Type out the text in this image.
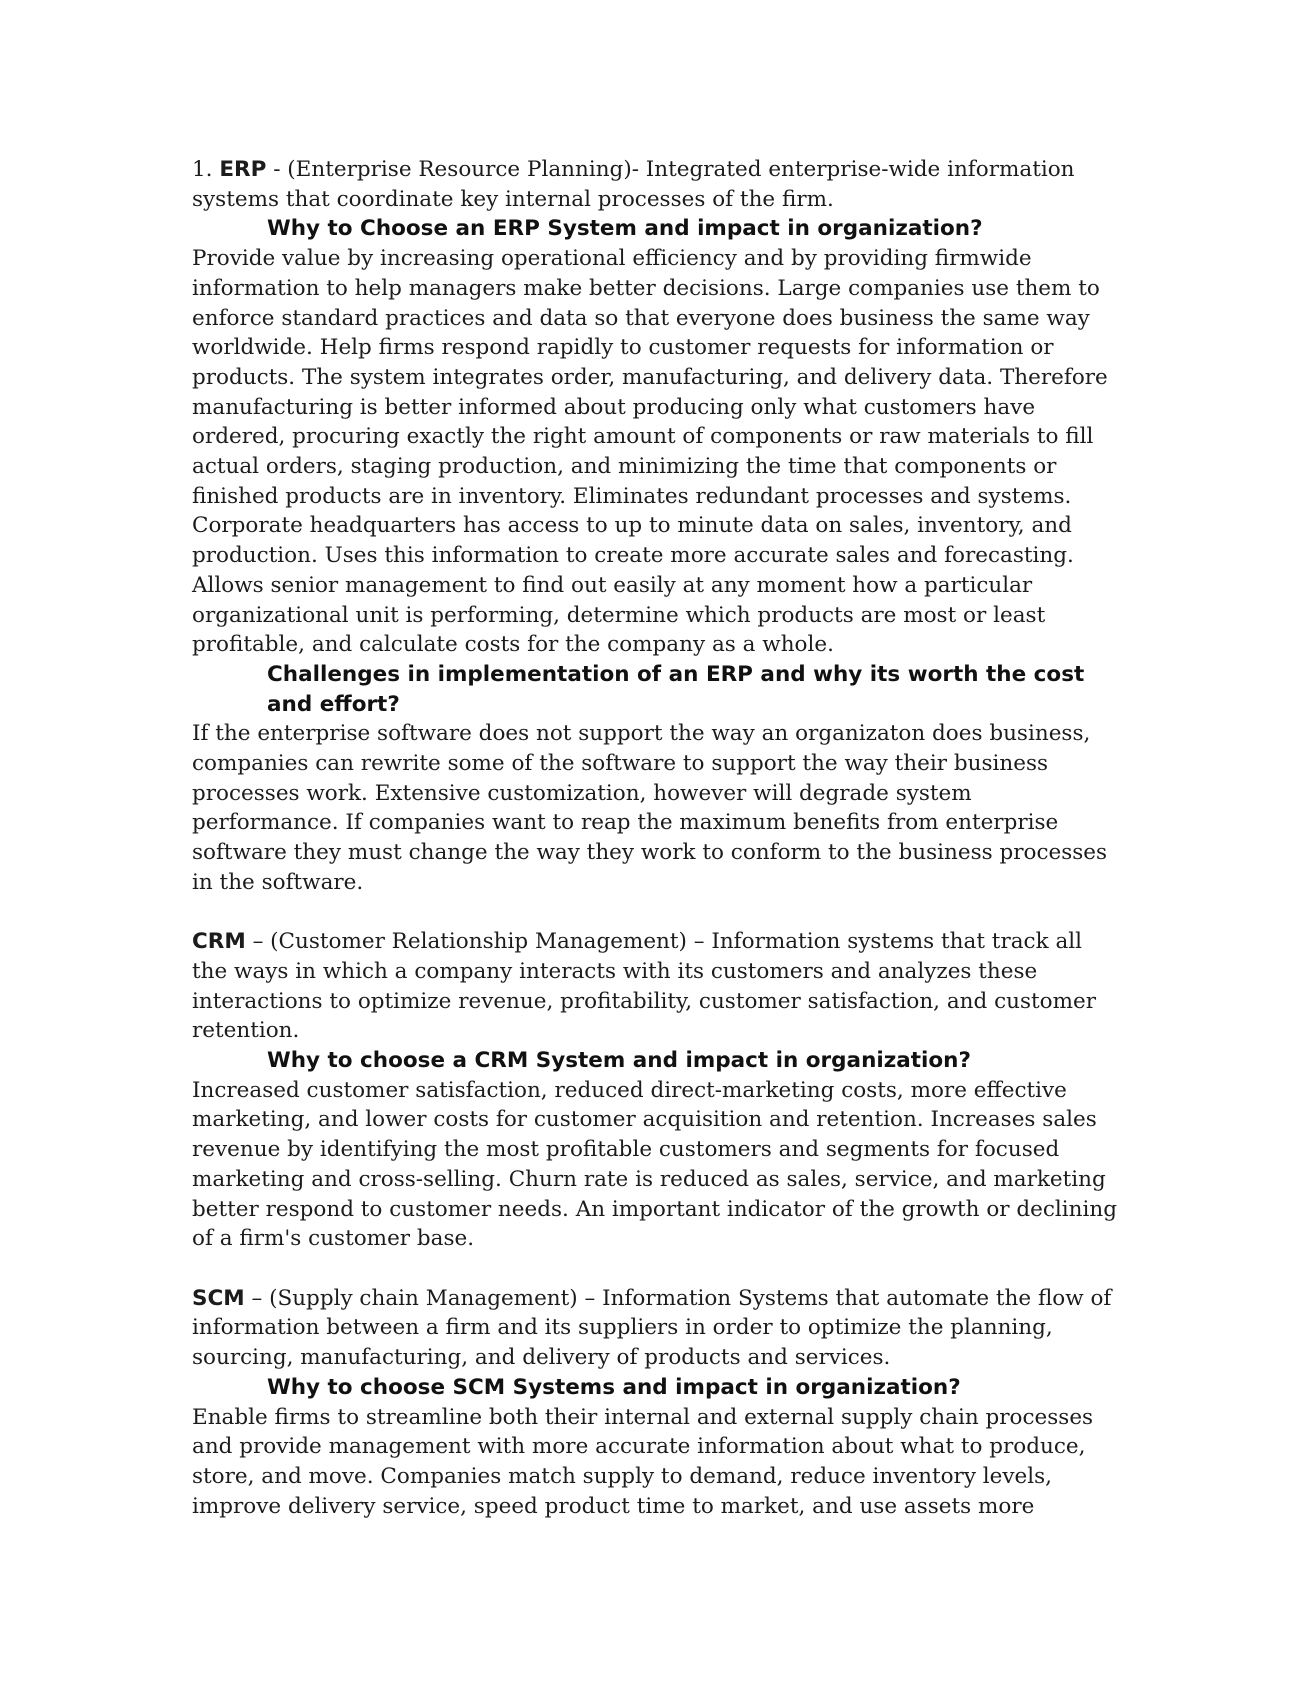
1. ERP - (Enterprise Resource Planning)- Integrated enterprise-wide information systems that coordinate key internal processes of the firm.

Why to Choose an ERP System and impact in organization?

Provide value by increasing operational efficiency and by providing firmwide information to help managers make better decisions. Large companies use them to enforce standard practices and data so that everyone does business the same way worldwide. Help firms respond rapidly to customer requests for information or products. The system integrates order, manufacturing, and delivery data. Therefore manufacturing is better informed about producing only what customers have ordered, procuring exactly the right amount of components or raw materials to fill actual orders, staging production, and minimizing the time that components or finished products are in inventory. Eliminates redundant processes and systems. Corporate headquarters has access to up to minute data on sales, inventory, and production. Uses this information to create more accurate sales and forecasting. Allows senior management to find out easily at any moment how a particular organizational unit is performing, determine which products are most or least profitable, and calculate costs for the company as a whole.

Challenges in implementation of an ERP and why its worth the cost and effort?

If the enterprise software does not support the way an organizaton does business, companies can rewrite some of the software to support the way their business processes work. Extensive customization, however will degrade system performance. If companies want to reap the maximum benefits from enterprise software they must change the way they work to conform to the business processes in the software.

CRM – (Customer Relationship Management) – Information systems that track all the ways in which a company interacts with its customers and analyzes these interactions to optimize revenue, profitability, customer satisfaction, and customer retention.

Why to choose a CRM System and impact in organization?

Increased customer satisfaction, reduced direct-marketing costs, more effective marketing, and lower costs for customer acquisition and retention. Increases sales revenue by identifying the most profitable customers and segments for focused marketing and cross-selling. Churn rate is reduced as sales, service, and marketing better respond to customer needs. An important indicator of the growth or declining of a firm's customer base.

SCM – (Supply chain Management) – Information Systems that automate the flow of information between a firm and its suppliers in order to optimize the planning, sourcing, manufacturing, and delivery of products and services.

Why to choose SCM Systems and impact in organization?

Enable firms to streamline both their internal and external supply chain processes and provide management with more accurate information about what to produce, store, and move. Companies match supply to demand, reduce inventory levels, improve delivery service, speed product time to market, and use assets more
